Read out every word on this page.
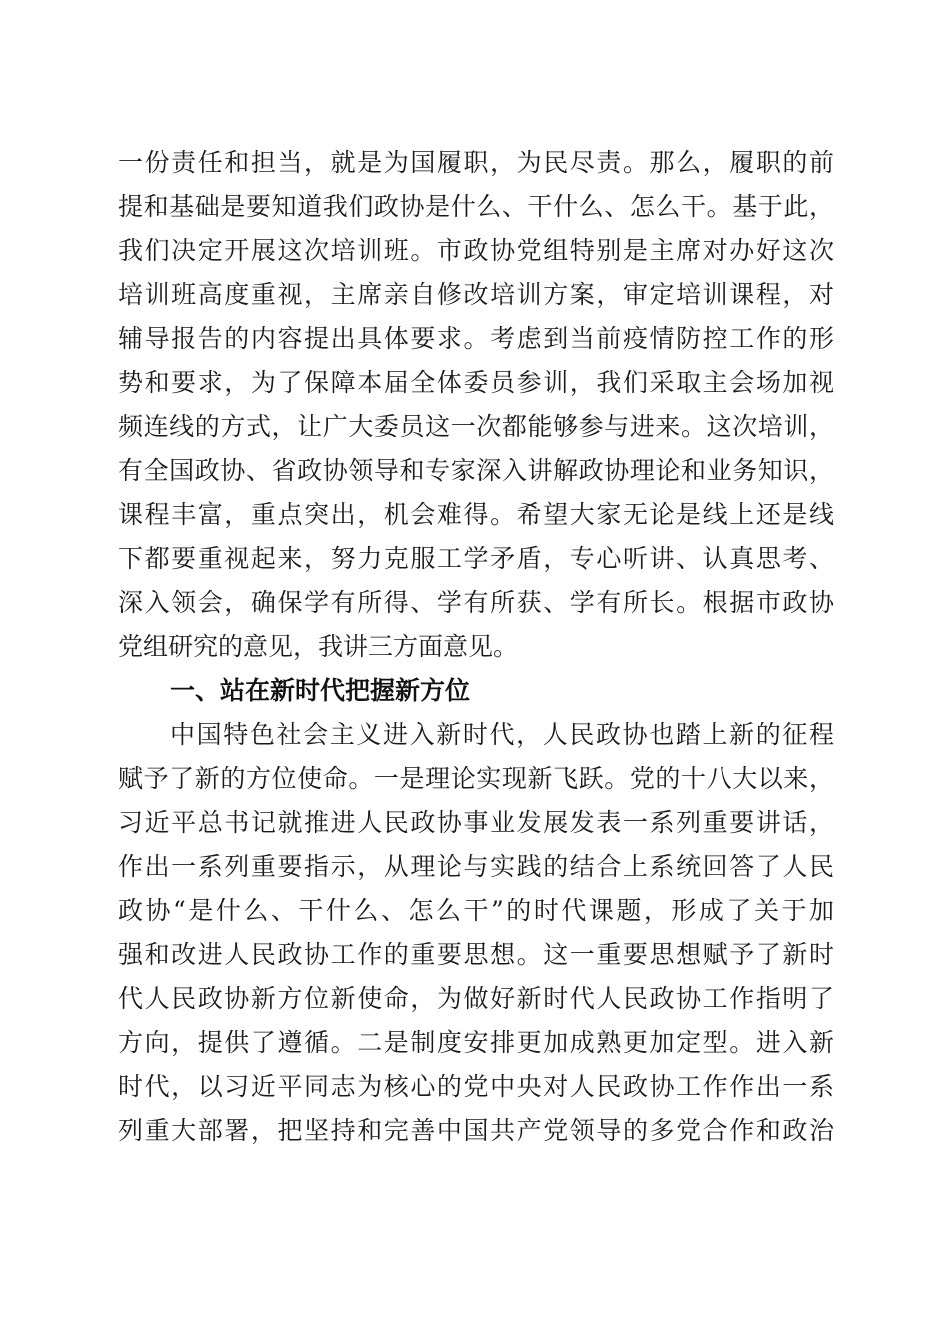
一份责任和担当，就是为国履职，为民尽责。那么，履职的前
提和基础是要知道我们政协是什么、干什么、怎么干。基于此，
我们决定开展这次培训班。市政协党组特别是主席对办好这次
培训班高度重视，主席亲自修改培训方案，审定培训课程，对
辅导报告的内容提出具体要求。考虑到当前疫情防控工作的形
势和要求，为了保障本届全体委员参训，我们采取主会场加视
频连线的方式，让广大委员这一次都能够参与进来。这次培训，
有全国政协、省政协领导和专家深入讲解政协理论和业务知识，
课程丰富，重点突出，机会难得。希望大家无论是线上还是线
下都要重视起来，努力克服工学矛盾，专心听讲、认真思考、
深入领会，确保学有所得、学有所获、学有所长。根据市政协
党组研究的意见，我讲三方面意见。
一、站在新时代把握新方位
中国特色社会主义进入新时代，人民政协也踏上新的征程
赋予了新的方位使命。一是理论实现新飞跃。党的十八大以来，
习近平总书记就推进人民政协事业发展发表一系列重要讲话，
作出一系列重要指示，从理论与实践的结合上系统回答了人民
政协“是什么、干什么、怎么干”的时代课题，形成了关于加
强和改进人民政协工作的重要思想。这一重要思想赋予了新时
代人民政协新方位新使命，为做好新时代人民政协工作指明了
方向，提供了遵循。二是制度安排更加成熟更加定型。进入新
时代，以习近平同志为核心的党中央对人民政协工作作出一系
列重大部署，把坚持和完善中国共产党领导的多党合作和政治
